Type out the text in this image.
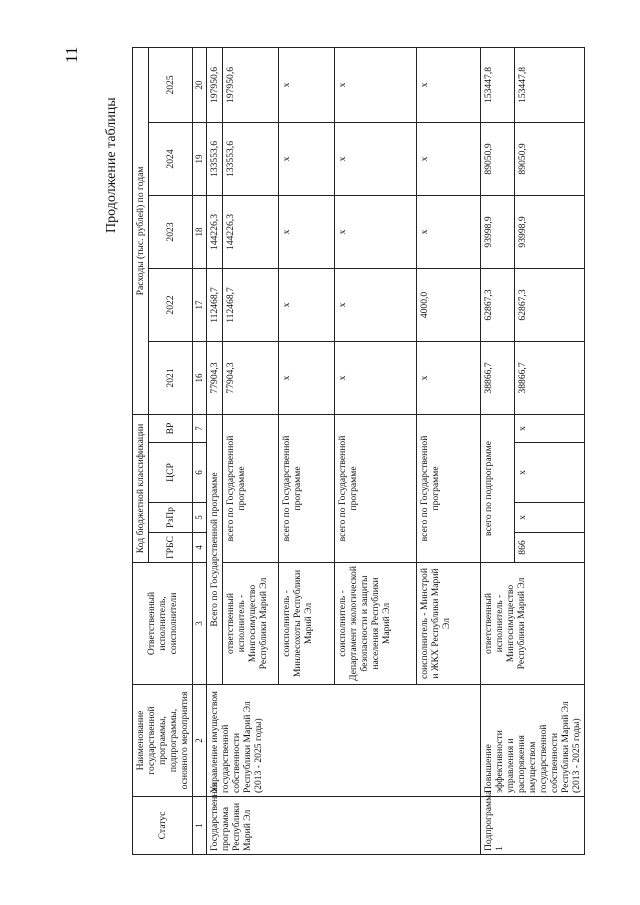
11
Продолжение таблицы
Статус	Наименование государственной программы, подпрограммы, основного мероприятия	Ответственный исполнитель, соисполнители	Код бюджетной классификации				Расходы (тыс. рублей) по годам				
			ГРБС	РзПр	ЦСР	ВР	2021	2022	2023	2024	2025

1	2	3	4	5	6	7	16	17	18	19	20
Государственная программа Республики Марий Эл	Управление имуществом государственной собственности Республики Марий Эл (2013 - 2025 годы)	Всего по Государственной программе					77904,3	112468,7	144226,3	133553,6	197950,6
		ответственный исполнитель - Мингосимущество Республики Марий Эл	всего по Государственной программе				77904,3	112468,7	144226,3	133553,6	197950,6
		соисполнитель - Минлесохоты Республики Марий Эл	всего по Государственной программе				x	x	x	x	x
		соисполнитель - Департамент экологической безопасности и защиты населения Республики Марий Эл	всего по Государственной программе				x	x	x	x	x
		соисполнитель - Минстрой и ЖКХ Республики Марий Эл	всего по Государственной программе				x	4000,0	x	x	x
Подпрограмма 1	Повышение эффективности управления и распоряжения имуществом государственной собственности Республики Марий Эл (2013 - 2025 годы)	ответственный исполнитель - Мингосимущество Республики Марий Эл	всего по подпрограмме				38866,7	62867,3	93998,9	89050,9	153447,8
			866	x	x	x	38866,7	62867,3	93998,9	89050,9	153447,8
